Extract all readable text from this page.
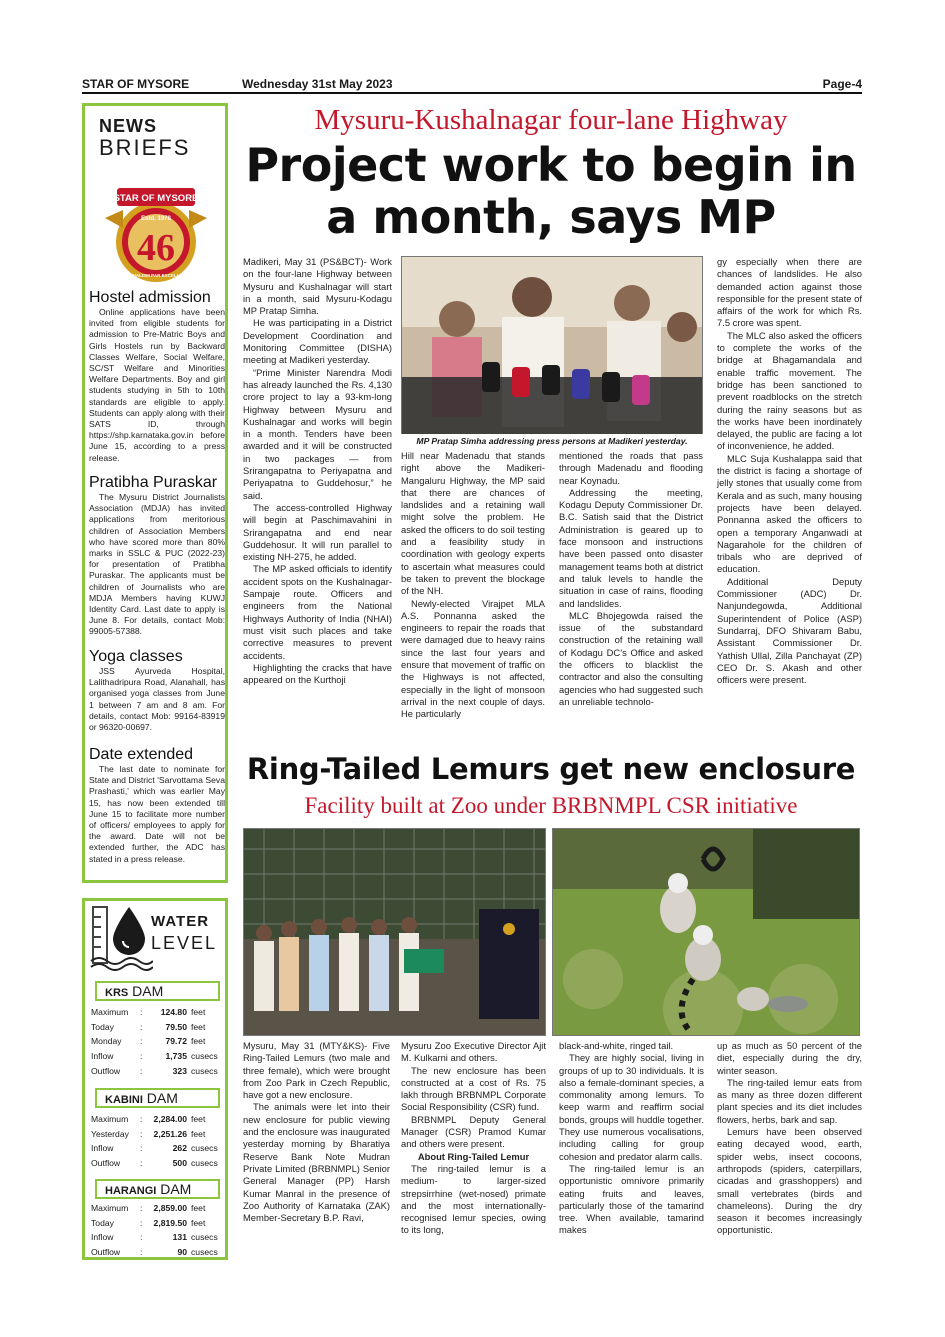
STAR OF MYSORE	Wednesday 31st May 2023	Page-4
NEWS
BRIEFS
STAR OF MYSORE
Estd. 1978
46
JOURNALISM PAR EXCELLENCE
Hostel admission

Online applications have been invited from eligible students for admission to Pre-Matric Boys and Girls Hostels run by Backward Classes Welfare, Social Welfare, SC/ST Welfare and Minorities Welfare Departments. Boy and girl students studying in 5th to 10th standards are eligible to apply. Students can apply along with their SATS ID, through https://shp.karnataka.gov.in before June 15, according to a press release.

Pratibha Puraskar

The Mysuru District Journalists Association (MDJA) has invited applications from meritorious children of Association Members who have scored more than 80% marks in SSLC & PUC (2022-23) for presentation of Pratibha Puraskar. The applicants must be children of Journalists who are MDJA Members having KUWJ Identity Card. Last date to apply is June 8. For details, contact Mob: 99005-57388.

Yoga classes

JSS Ayurveda Hospital, Lalithadripura Road, Alanahall, has organised yoga classes from June 1 between 7 am and 8 am. For details, contact Mob: 99164-83919 or 96320-00697.

Date extended

The last date to nominate for State and District 'Sarvottama Seva Prashasti,' which was earlier May 15, has now been extended till June 15 to facilitate more number of officers/ employees to apply for the award. Date will not be extended further, the ADC has stated in a press release.

WATER
LEVEL
KRS DAM
Maximum : 124.80 feet
Today	:	79.50 feet
Monday :	79.72 feet
Inflow	:	1,735 cusecs
Outflow :	323 cusecs
KABINI DAM
Maximum : 2,284.00 feet
Yesterday : 2,251.26 feet
Inflow	:	262 cusecs
Outflow :	500 cusecs
HARANGI DAM
Maximum : 2,859.00 feet
Today	: 2,819.50 feet
Inflow	:	131 cusecs
Outflow :	90 cusecs
Mysuru-Kushalnagar four-lane Highway
Project work to begin in a month, says MP

Madikeri, May 31 (PS&BCT)- Work on the four-lane Highway between Mysuru and Kushalnagar will start in a month, said Mysuru-Kodagu MP Pratap Simha.

He was participating in a District Development Coordination and Monitoring Committee (DISHA) meeting at Madikeri yesterday.

“Prime Minister Narendra Modi has already launched the Rs. 4,130 crore project to lay a 93-km-long Highway between Mysuru and Kushalnagar and works will begin in a month. Tenders have been awarded and it will be constructed in two packages — from Srirangapatna to Periyapatna and Periyapatna to Guddehosur,” he said.

The access-controlled Highway will begin at Paschimavahini in Srirangapatna and end near Guddehosur. It will run parallel to existing NH-275, he added.

The MP asked officials to identify accident spots on the Kushalnagar-Sampaje route. Officers and engineers from the National Highways Authority of India (NHAI) must visit such places and take corrective measures to prevent accidents.

Highlighting the cracks that have appeared on the Kurthoji

MP Pratap Simha addressing press persons at Madikeri yesterday.

Hill near Madenadu that stands right above the Madikeri-Mangaluru Highway, the MP said that there are chances of landslides and a retaining wall might solve the problem. He asked the officers to do soil testing and a feasibility study in coordination with geology experts to ascertain what measures could be taken to prevent the blockage of the NH.

Newly-elected Virajpet MLA A.S. Ponnanna asked the engineers to repair the roads that were damaged due to heavy rains since the last four years and ensure that movement of traffic on the Highways is not affected, especially in the light of monsoon arrival in the next couple of days. He particularly

mentioned the roads that pass through Madenadu and flooding near Koynadu.

Addressing the meeting, Kodagu Deputy Commissioner Dr. B.C. Satish said that the District Administration is geared up to face monsoon and instructions have been passed onto disaster management teams both at district and taluk levels to handle the situation in case of rains, flooding and landslides.

MLC Bhojegowda raised the issue of the substandard construction of the retaining wall of Kodagu DC’s Office and asked the officers to blacklist the contractor and also the consulting agencies who had suggested such an unreliable technolo-

gy especially when there are chances of landslides. He also demanded action against those responsible for the present state of affairs of the work for which Rs. 7.5 crore was spent.

The MLC also asked the officers to complete the works of the bridge at Bhagamandala and enable traffic movement. The bridge has been sanctioned to prevent roadblocks on the stretch during the rainy seasons but as the works have been inordinately delayed, the public are facing a lot of inconvenience, he added.

MLC Suja Kushalappa said that the district is facing a shortage of jelly stones that usually come from Kerala and as such, many housing projects have been delayed. Ponnanna asked the officers to open a temporary Anganwadi at Nagarahole for the children of tribals who are deprived of education.

Additional Deputy Commissioner (ADC) Dr. Nanjundegowda, Additional Superintendent of Police (ASP) Sundarraj, DFO Shivaram Babu, Assistant Commissioner Dr. Yathish Ullal, Zilla Panchayat (ZP) CEO Dr. S. Akash and other officers were present.

Ring-Tailed Lemurs get new enclosure
Facility built at Zoo under BRBNMPL CSR initiative

Mysuru, May 31 (MTY&KS)- Five Ring-Tailed Lemurs (two male and three female), which were brought from Zoo Park in Czech Republic, have got a new enclosure.

The animals were let into their new enclosure for public viewing and the enclosure was inaugurated yesterday morning by Bharatiya Reserve Bank Note Mudran Private Limited (BRBNMPL) Senior General Manager (PP) Harsh Kumar Manral in the presence of Zoo Authority of Karnataka (ZAK) Member-Secretary B.P. Ravi,

Mysuru Zoo Executive Director Ajit M. Kulkarni and others.

The new enclosure has been constructed at a cost of Rs. 75 lakh through BRBNMPL Corporate Social Responsibility (CSR) fund.

BRBNMPL Deputy General Manager (CSR) Pramod Kumar and others were present.

About Ring-Tailed Lemur

The ring-tailed lemur is a medium- to larger-sized strepsirrhine (wet-nosed) primate and the most internationally-recognised lemur species, owing to its long,

black-and-white, ringed tail.

They are highly social, living in groups of up to 30 individuals. It is also a female-dominant species, a commonality among lemurs. To keep warm and reaffirm social bonds, groups will huddle together. They use numerous vocalisations, including calling for group cohesion and predator alarm calls.

The ring-tailed lemur is an opportunistic omnivore primarily eating fruits and leaves, particularly those of the tamarind tree. When available, tamarind makes

up as much as 50 percent of the diet, especially during the dry, winter season.

The ring-tailed lemur eats from as many as three dozen different plant species and its diet includes flowers, herbs, bark and sap.

Lemurs have been observed eating decayed wood, earth, spider webs, insect cocoons, arthropods (spiders, caterpillars, cicadas and grasshoppers) and small vertebrates (birds and chameleons). During the dry season it becomes increasingly opportunistic.
